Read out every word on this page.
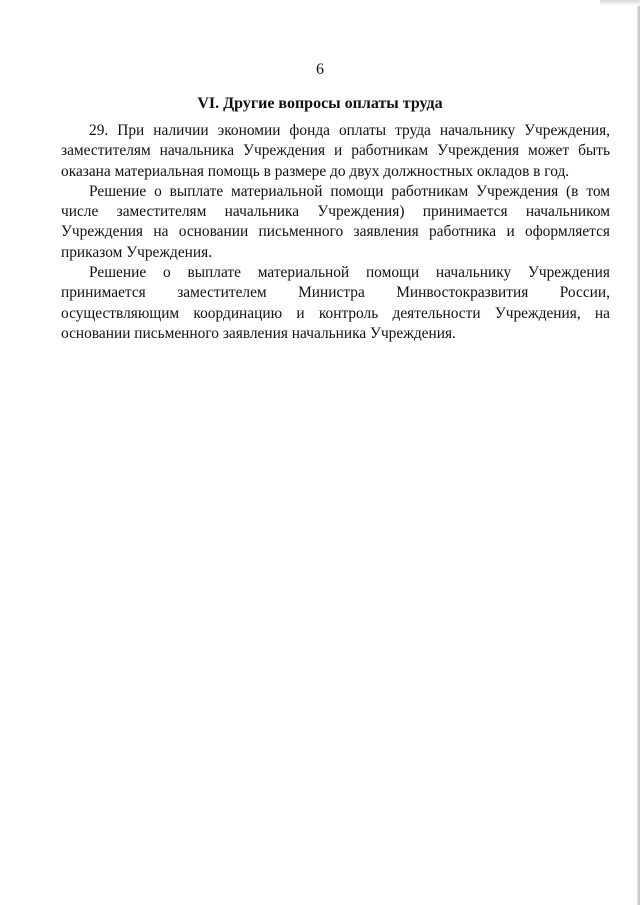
6
VI. Другие вопросы оплаты труда

29. При наличии экономии фонда оплаты труда начальнику Учреждения, заместителям начальника Учреждения и работникам Учреждения может быть оказана материальная помощь в размере до двух должностных окладов в год.

Решение о выплате материальной помощи работникам Учреждения (в том числе заместителям начальника Учреждения) принимается начальником Учреждения на основании письменного заявления работника и оформляется приказом Учреждения.

Решение о выплате материальной помощи начальнику Учреждения принимается заместителем Министра Минвостокразвития России, осуществляющим координацию и контроль деятельности Учреждения, на основании письменного заявления начальника Учреждения.
